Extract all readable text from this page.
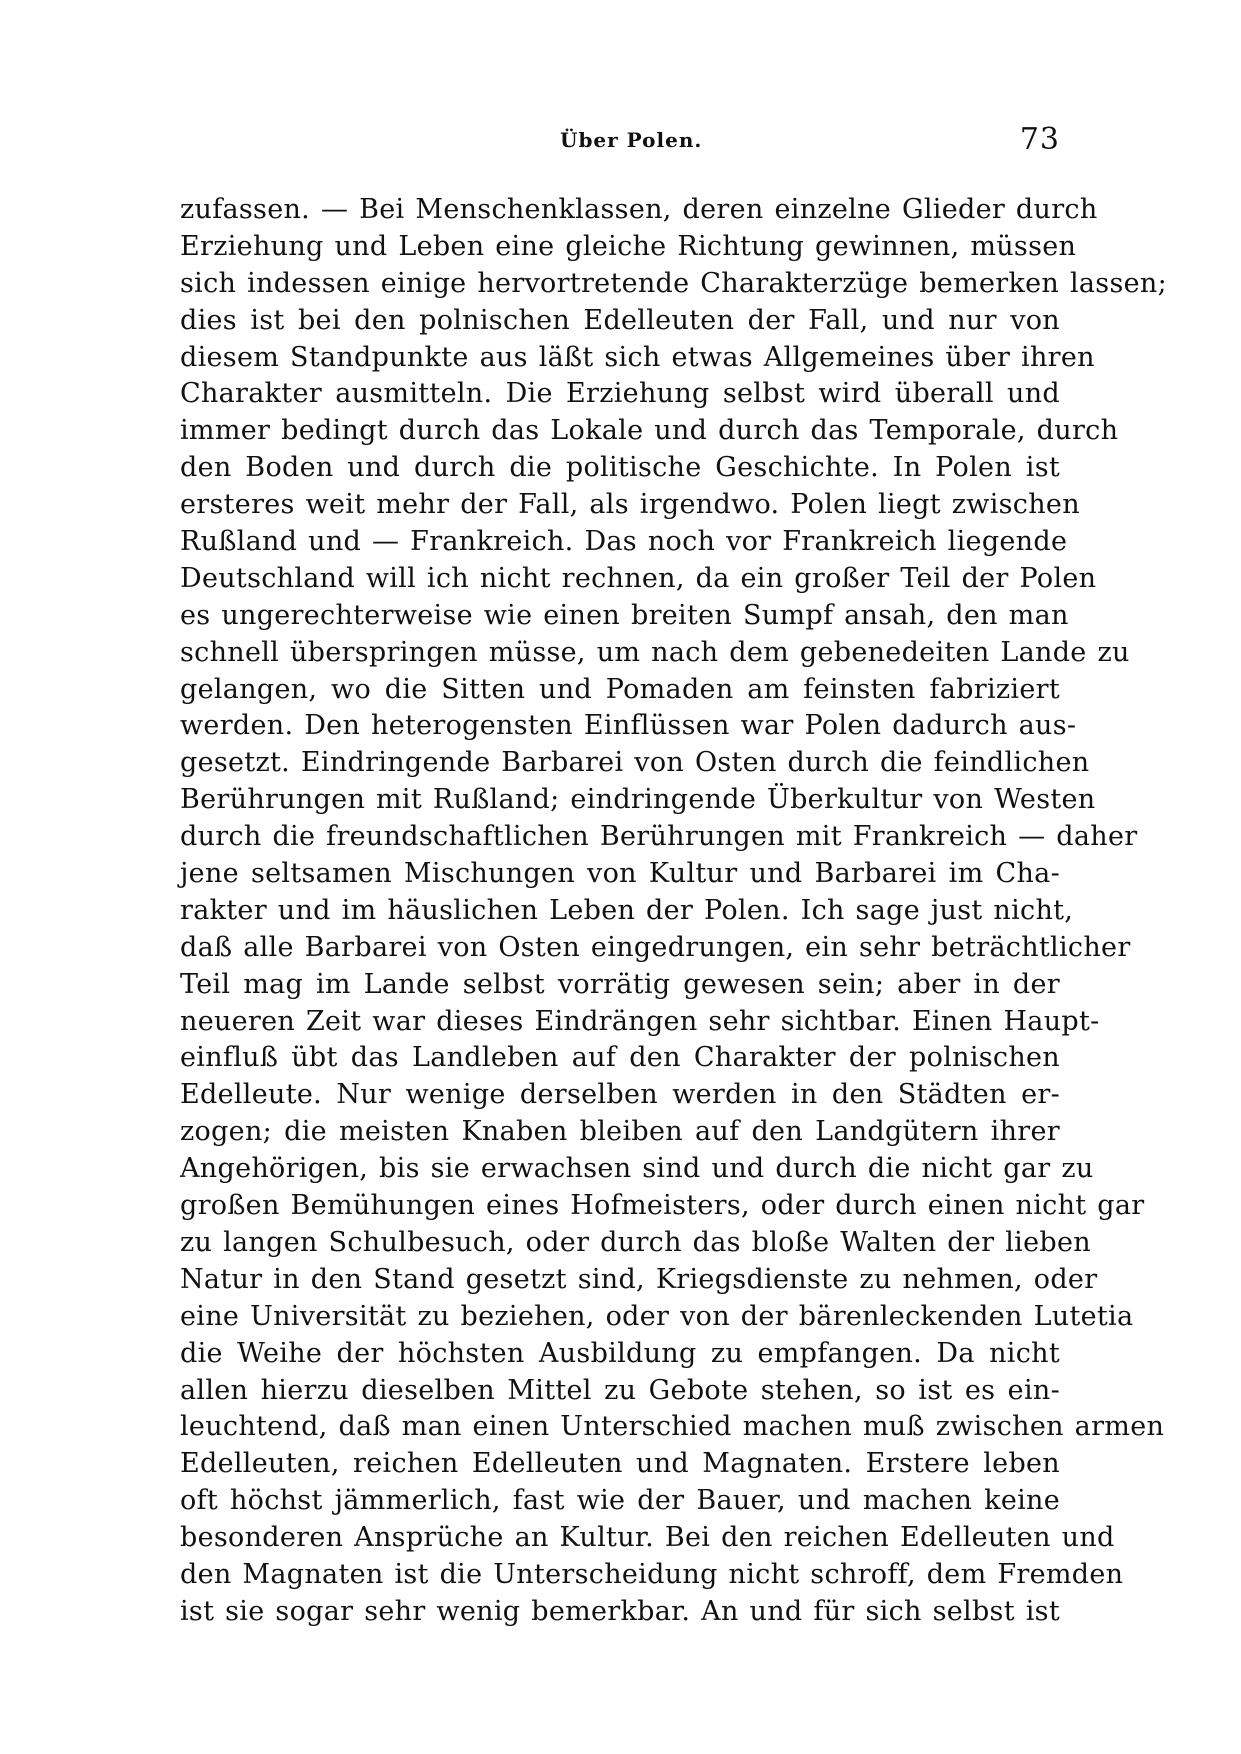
Über Polen.	73
zufassen. — Bei Menschenklassen, deren einzelne Glieder durch
Erziehung und Leben eine gleiche Richtung gewinnen, müssen
sich indessen einige hervortretende Charakterzüge bemerken lassen;
dies ist bei den polnischen Edelleuten der Fall, und nur von
diesem Standpunkte aus läßt sich etwas Allgemeines über ihren
Charakter ausmitteln. Die Erziehung selbst wird überall und
immer bedingt durch das Lokale und durch das Temporale, durch
den Boden und durch die politische Geschichte. In Polen ist
ersteres weit mehr der Fall, als irgendwo. Polen liegt zwischen
Rußland und — Frankreich. Das noch vor Frankreich liegende
Deutschland will ich nicht rechnen, da ein großer Teil der Polen
es ungerechterweise wie einen breiten Sumpf ansah, den man
schnell überspringen müsse, um nach dem gebenedeiten Lande zu
gelangen, wo die Sitten und Pomaden am feinsten fabriziert
werden. Den heterogensten Einflüssen war Polen dadurch aus-
gesetzt. Eindringende Barbarei von Osten durch die feindlichen
Berührungen mit Rußland; eindringende Überkultur von Westen
durch die freundschaftlichen Berührungen mit Frankreich — daher
jene seltsamen Mischungen von Kultur und Barbarei im Cha-
rakter und im häuslichen Leben der Polen. Ich sage just nicht,
daß alle Barbarei von Osten eingedrungen, ein sehr beträchtlicher
Teil mag im Lande selbst vorrätig gewesen sein; aber in der
neueren Zeit war dieses Eindrängen sehr sichtbar. Einen Haupt-
einfluß übt das Landleben auf den Charakter der polnischen
Edelleute. Nur wenige derselben werden in den Städten er-
zogen; die meisten Knaben bleiben auf den Landgütern ihrer
Angehörigen, bis sie erwachsen sind und durch die nicht gar zu
großen Bemühungen eines Hofmeisters, oder durch einen nicht gar
zu langen Schulbesuch, oder durch das bloße Walten der lieben
Natur in den Stand gesetzt sind, Kriegsdienste zu nehmen, oder
eine Universität zu beziehen, oder von der bärenleckenden Lutetia
die Weihe der höchsten Ausbildung zu empfangen. Da nicht
allen hierzu dieselben Mittel zu Gebote stehen, so ist es ein-
leuchtend, daß man einen Unterschied machen muß zwischen armen
Edelleuten, reichen Edelleuten und Magnaten. Erstere leben
oft höchst jämmerlich, fast wie der Bauer, und machen keine
besonderen Ansprüche an Kultur. Bei den reichen Edelleuten und
den Magnaten ist die Unterscheidung nicht schroff, dem Fremden
ist sie sogar sehr wenig bemerkbar. An und für sich selbst ist
